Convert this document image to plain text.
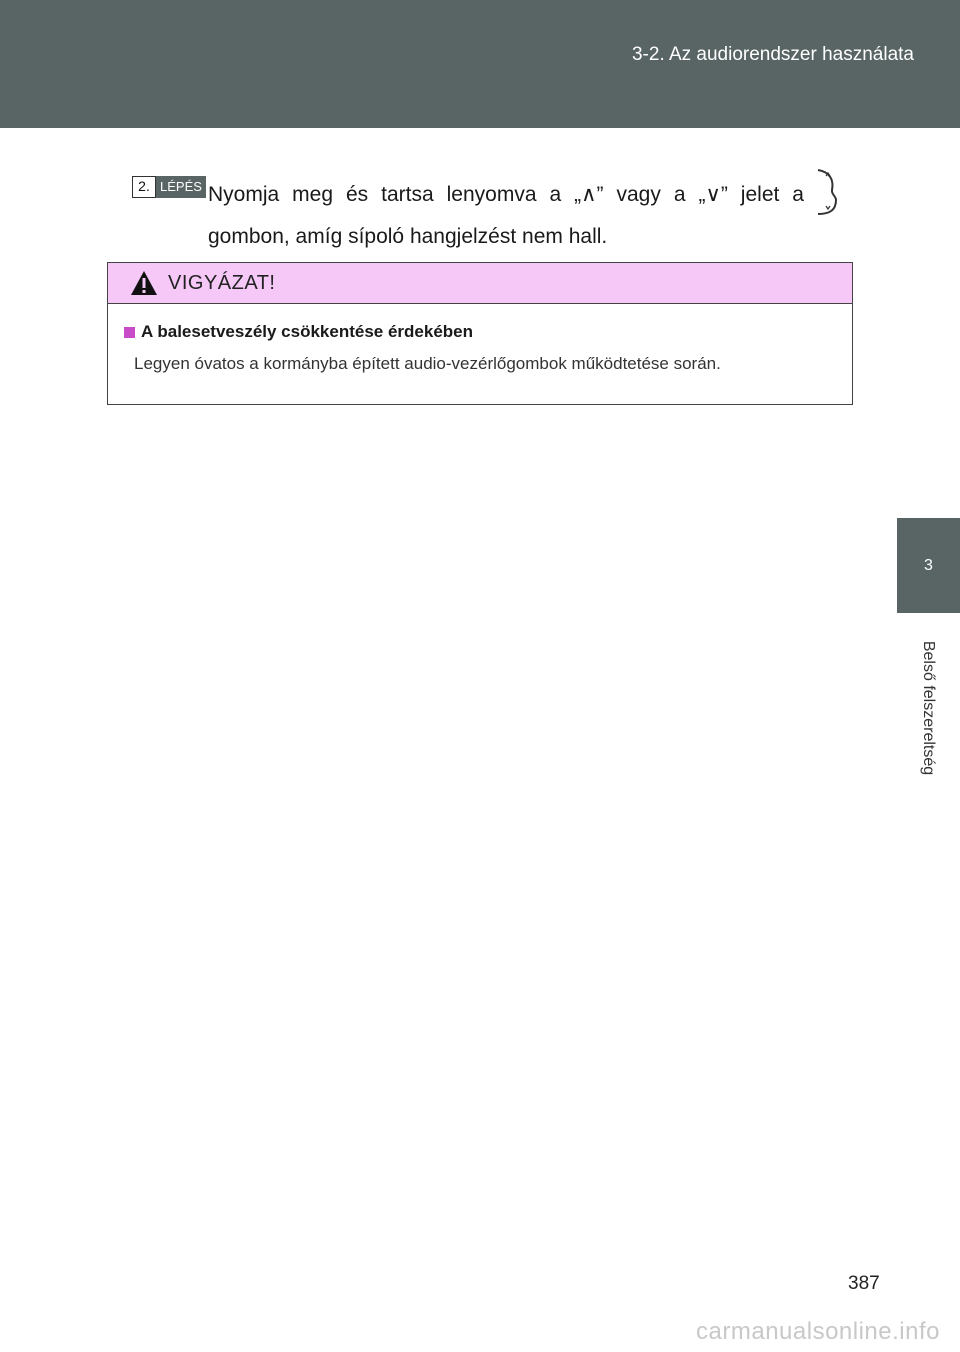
3-2. Az audiorendszer használata
3
Belső felszereltség
2. LÉPÉS Nyomja meg és tartsa lenyomva a „∧” vagy a „∨” jelet a
gombon, amíg sípoló hangjelzést nem hall.
VIGYÁZAT!
A balesetveszély csökkentése érdekében
Legyen óvatos a kormányba épített audio-vezérlőgombok működtetése során.
387
carmanualsonline.info
